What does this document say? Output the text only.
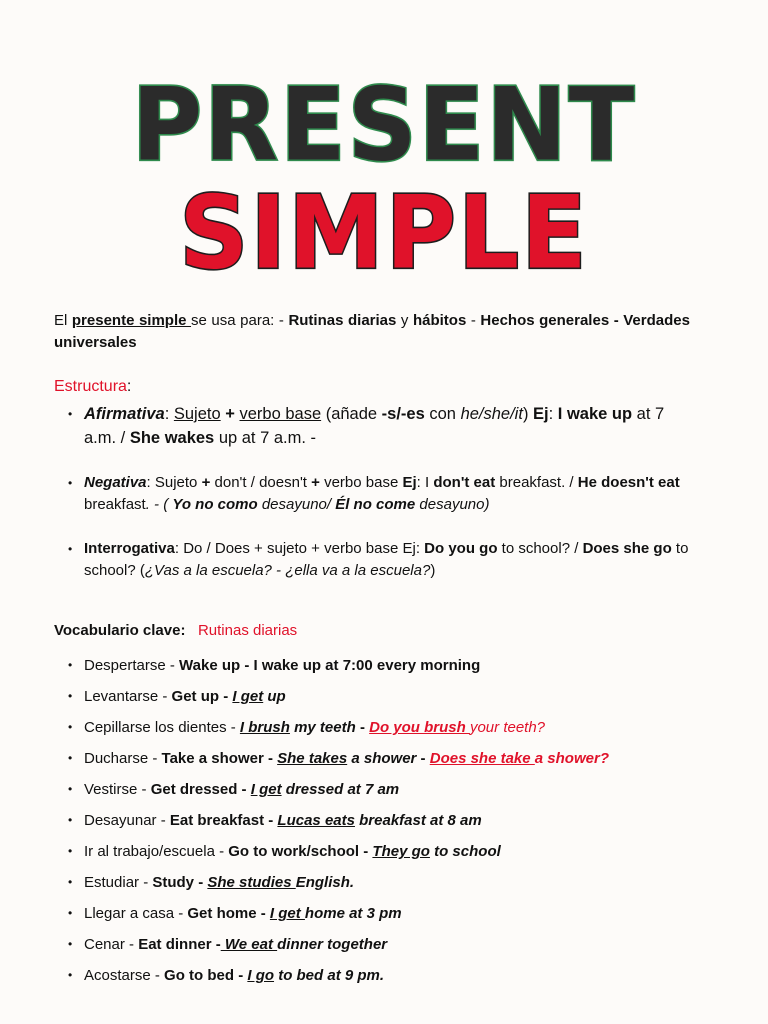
PRESENT
SIMPLE

El presente simple se usa para: - Rutinas diarias y hábitos - Hechos generales - Verdades universales

Estructura:
• Afirmativa: Sujeto + verbo base (añade -s/-es con he/she/it) Ej: I wake up at 7 a.m. / She wakes up at 7 a.m. -
• Negativa: Sujeto + don't / doesn't + verbo base Ej: I don't eat breakfast. / He doesn't eat breakfast. - ( Yo no como desayuno/ Él no come desayuno)
• Interrogativa: Do / Does + sujeto + verbo base Ej: Do you go to school? / Does she go to school? (¿Vas a la escuela? - ¿ella va a la escuela?)
Vocabulario clave: Rutinas diarias
• Despertarse - Wake up - I wake up at 7:00 every morning
• Levantarse - Get up - I get up
• Cepillarse los dientes - I brush my teeth - Do you brush your teeth?
• Ducharse - Take a shower - She takes a shower - Does she take a shower?
• Vestirse - Get dressed - I get dressed at 7 am
• Desayunar - Eat breakfast - Lucas eats breakfast at 8 am
• Ir al trabajo/escuela - Go to work/school - They go to school
• Estudiar - Study - She studies English.
• Llegar a casa - Get home - I get home at 3 pm
• Cenar - Eat dinner - We eat dinner together
• Acostarse - Go to bed - I go to bed at 9 pm.
